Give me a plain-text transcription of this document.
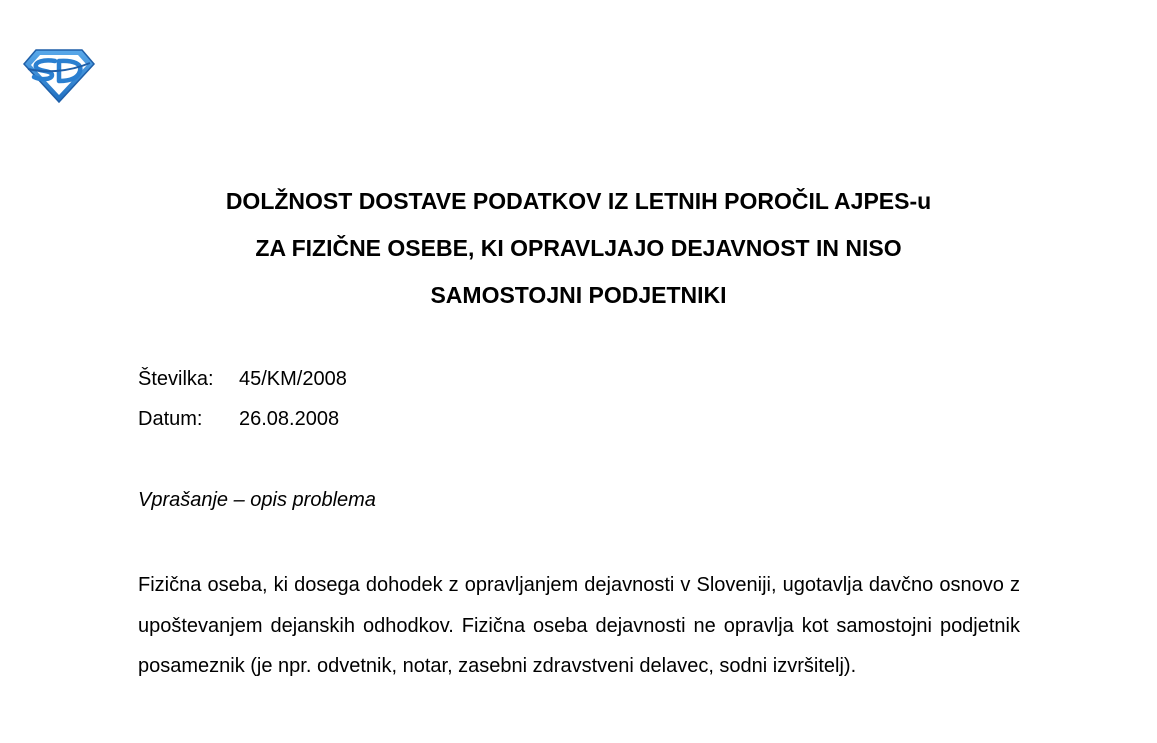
DOLŽNOST DOSTAVE PODATKOV IZ LETNIH POROČIL AJPES-u
ZA FIZIČNE OSEBE, KI OPRAVLJAJO DEJAVNOST IN NISO
SAMOSTOJNI PODJETNIKI
Številka: 45/KM/2008
Datum: 26.08.2008
Vprašanje – opis problema

Fizična oseba, ki dosega dohodek z opravljanjem dejavnosti v Sloveniji, ugotavlja davčno osnovo z upoštevanjem dejanskih odhodkov. Fizična oseba dejavnosti ne opravlja kot samostojni podjetnik posameznik (je npr. odvetnik, notar, zasebni zdravstveni delavec, sodni izvršitelj).
